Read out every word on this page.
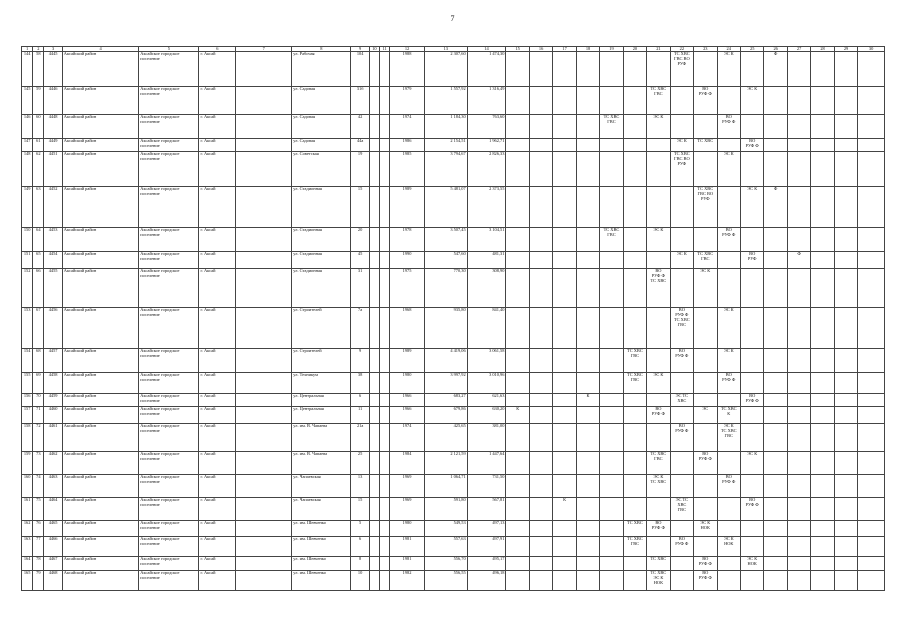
7
1	2	3	4	5	6	7	8	9	10	11	12	13	14	15	16	17	18	19	20	21	22	23	24	25	26	27	28	29	30
144	58	4445	Аксайский район	Аксайское городское
поселение	г. Аксай		ул. Рабочая	104			1988	2 307,60	1 474,30								ТС ХВС
ГВС ВО
РУФ		ЭС К		Ф				
145	59	4446	Аксайский район	Аксайское городское
поселение	г. Аксай		ул. Садовая	31б			1979	1 557,92	1 316,49							ТС ХВС
ГВС		ВО
РУФ Ф		ЭС К					
146	60	4448	Аксайский район	Аксайское городское
поселение	г. Аксай		ул. Садовая	42			1974	1 184,30	763,60					ТС ХВС
ГВС		ЭС К			ВО
РУФ Ф						
147	61	4449	Аксайский район	Аксайское городское
поселение	г. Аксай		ул. Садовая	44а			1986	2 154,51	1 962,71								ЭС К	ТС ХВС		ВО
РУФ Ф					
148	62	4451	Аксайский район	Аксайское городское
поселение	г. Аксай		ул. Советская	19			1985	3 794,67	2 826,33								ТС ХВС
ГВС ВО
РУФ		ЭС К						
149	63	4452	Аксайский район	Аксайское городское
поселение	г. Аксай		ул. Стадионная	15			1989	5 481,07	2 373,55									ТС ХВС
ГВС ВО
РУФ		ЭС К	Ф				
150	64	4453	Аксайский район	Аксайское городское
поселение	г. Аксай		ул. Стадионная	20			1978	3 507,45	3 104,51					ТС ХВС
ГВС		ЭС К			ВО
РУФ Ф						
151	65	4454	Аксайский район	Аксайское городское
поселение	г. Аксай		ул. Стадионная	45			1990	547,60	481,31								ЭС К	ТС ХВС
ГВС		ВО
РУФ		Ф			
152	66	4455	Аксайский район	Аксайское городское
поселение	г. Аксай		ул. Стадионная	31			1975	770,30	308,90							ВО
РУФ Ф
ТС ХВС		ЭС К							
153	67	4456	Аксайский район	Аксайское городское
поселение	г. Аксай		ул. Строителей	7а			1968	935,80	841,40								ВО
РУФ Ф
ТС ХВС
ГВС		ЭС К						
154	68	4457	Аксайский район	Аксайское городское
поселение	г. Аксай		ул. Строителей	9			1989	4 419,06	3 061,58						ТС ХВС
ГВС		ВО
РУФ Ф		ЭС К						
155	69	4458	Аксайский район	Аксайское городское
поселение	г. Аксай		ул. Техникум	38			1980	3 997,92	3 010,96						ТС ХВС
ГВС	ЭС К			ВО
РУФ Ф						
156	70	4459	Аксайский район	Аксайское городское
поселение	г. Аксай		ул. Центральная	6			1966	683,27	621,63				К				ЭС ТС
ХВС			ВО
РУФ Ф					
157	71	4460	Аксайский район	Аксайское городское
поселение	г. Аксай		ул. Центральная	11			1966	679,86	630,20	К						ВО
РУФ Ф		ЭС	ТС ХВС
К						
158	72	4461	Аксайский район	Аксайское городское
поселение	г. Аксай		ул. им. В. Чапаева	21а			1974	425,65	381,00								ВО
РУФ Ф		ЭС К
ТС ХВС
ГВС						
159	73	4462	Аксайский район	Аксайское городское
поселение	г. Аксай		ул. им. В. Чапаева	25			1984	2 121,59	1 447,64							ТС ХВС
ГВС		ВО
РУФ Ф		ЭС К					
160	74	4463	Аксайский район	Аксайское городское
поселение	г. Аксай		ул. Чапаевская	13			1969	1 064,71	731,50							ЭС К
ТС ХВС			ВО
РУФ Ф						
161	75	4464	Аксайский район	Аксайское городское
поселение	г. Аксай		ул. Чапаевская	15			1969	591,80	567,81			К					ЭС ТС
ХВС
ГВС			ВО
РУФ Ф					
162	76	4465	Аксайский район	Аксайское городское
поселение	г. Аксай		ул. им. Шевченко	5			1980	549,53	497,13						ТС ХВС	ВО
РУФ Ф		ЭС К
НОК							
163	77	4466	Аксайский район	Аксайское городское
поселение	г. Аксай		ул. им. Шевченко	6			1981	557,63	497,91						ТС ХВС
ГВС		ВО
РУФ Ф		ЭС К
НОК						
164	78	4467	Аксайский район	Аксайское городское
поселение	г. Аксай		ул. им. Шевченко	8			1981	556,70	495,17							ТС ХВС		ВО
РУФ Ф		ЭС К
НОК					
165	79	4468	Аксайский район	Аксайское городское
поселение	г. Аксай		ул. им. Шевченко	10			1982	556,55	496,18							ТС ХВС
ЭС К
НОК		ВО
РУФ Ф							
